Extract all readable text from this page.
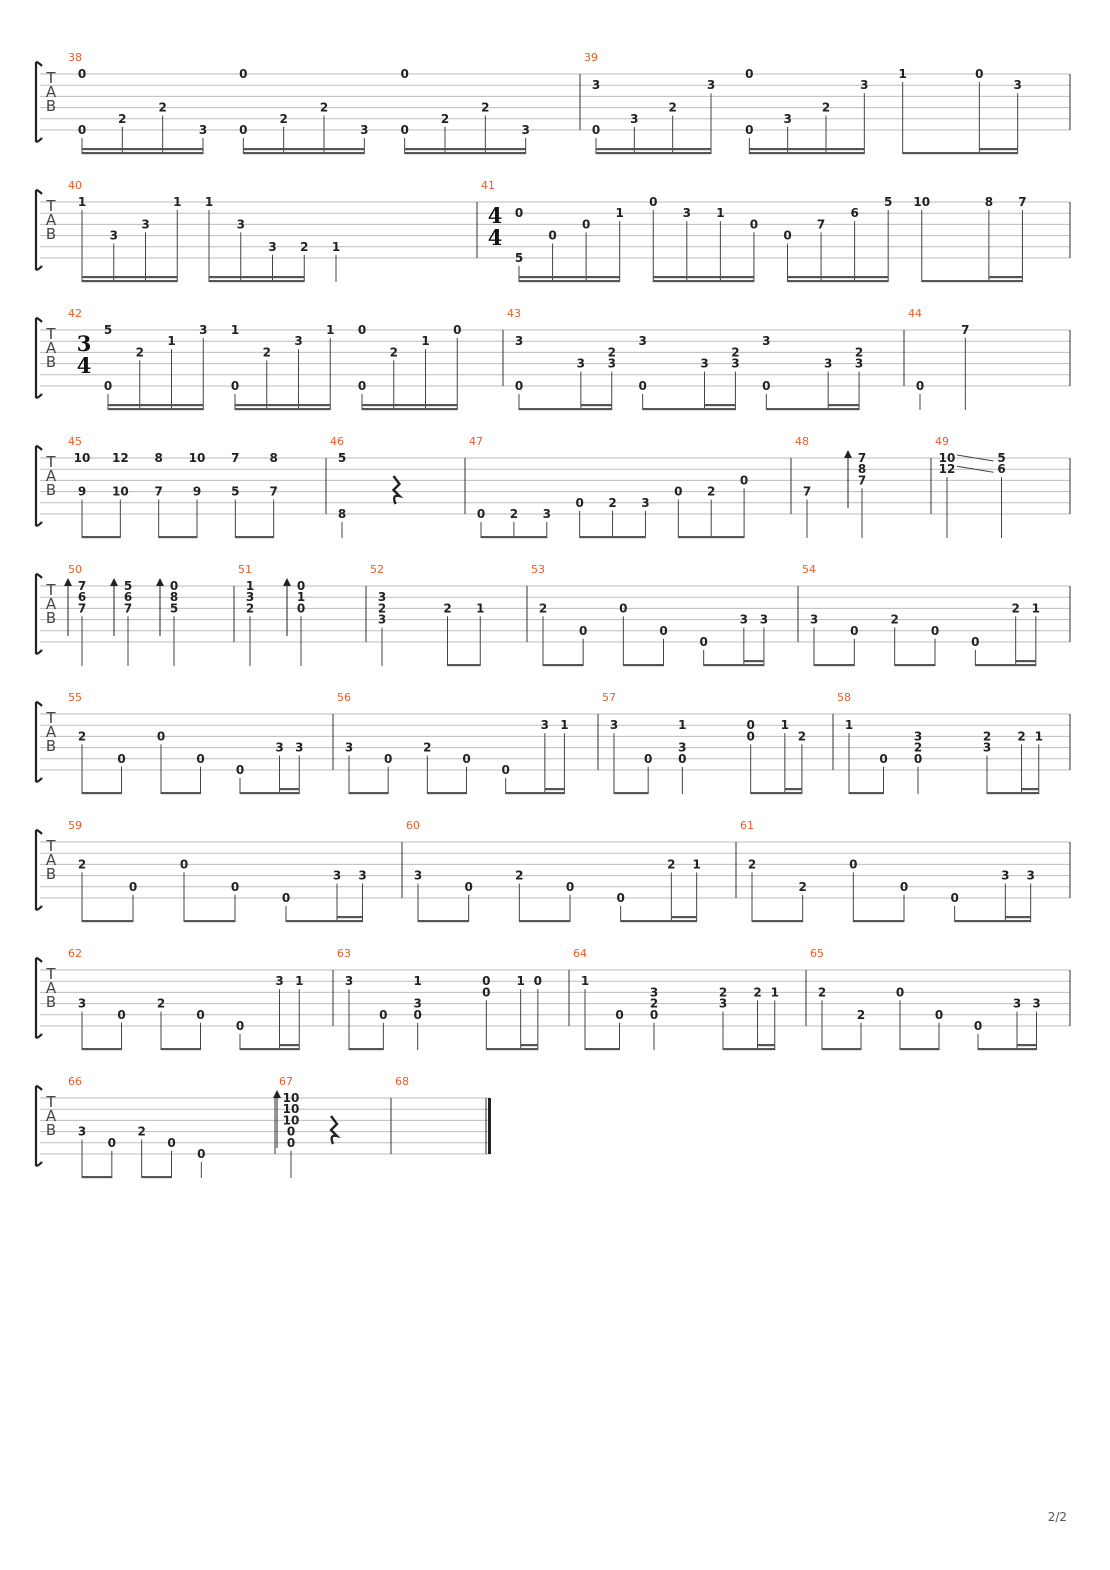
T
A
B
38
0
0
2
2
3
0
0
2
2
3
0
0
2
2
3
39
3
0
3
2
3
0
0
3
2
3
1	0
3
T
A
B
40
1
3
3
1 1
3
3 2 1
41
4
4
0
5
0
0
1
0
3 1
0
0
7
6
5 10	8 7
T
A
B
42
3
4
5
0
2
1
3 1
0
2
3
1 0
0
2
1
0
43
3
0
3
2
3
3
0
3
2
3
3
0
3
2
3
44
0
7
T
A
B
45
10
9
12
10
8
7
10
9
7
5
8
7
46
5
8
47
0 2 3
0 2 3
0 2
0
48
7
7
8
7
49
10
12
5
6
T
A
B
50
7
6
7
5
6
7
0
8
5
51
1
3
2
0
1
0
52
3
2
3
2 1
53
2
0
0
0
0
3 3
54
3
0
2
0
0
2 1
T
A
B
55
2
0
0
0
0
3 3
56
3
0
2
0
0
3 1
57
3
0
1
3
0
0
0
1
2
58
1
0
3
2
0
2
3
2 1
T
A
B
59
2
0
0
0
0
3 3
60
3
0
2
0
0
2 1
61
2
2
0
0
0
3 3
T
A
B
62
3
0
2
0
0
3 1
63
3
0
1
3
0
0
0
1 0
64
1
0
3
2
0
2
3
2 1
65
2
2
0
0
0
3 3
T
A
B
66
3
0
2
0
0
67
10
10
10
0
0
68
2/2
